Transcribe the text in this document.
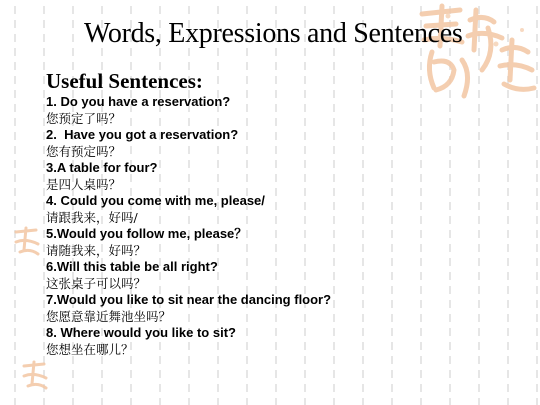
Words, Expressions and Sentences
Useful Sentences:
1. Do you have a reservation?
您预定了吗？
2.  Have you got a reservation?
您有预定吗？
3.A table for four?
是四人桌吗？
4. Could you come with me, please/
请跟我来，好吗/
5.Would you follow me, please？
请随我来，好吗？
6.Will this table be all right?
这张桌子可以吗？
7.Would you like to sit near the dancing floor?
您愿意靠近舞池坐吗？
8. Where would you like to sit?
您想坐在哪儿？
